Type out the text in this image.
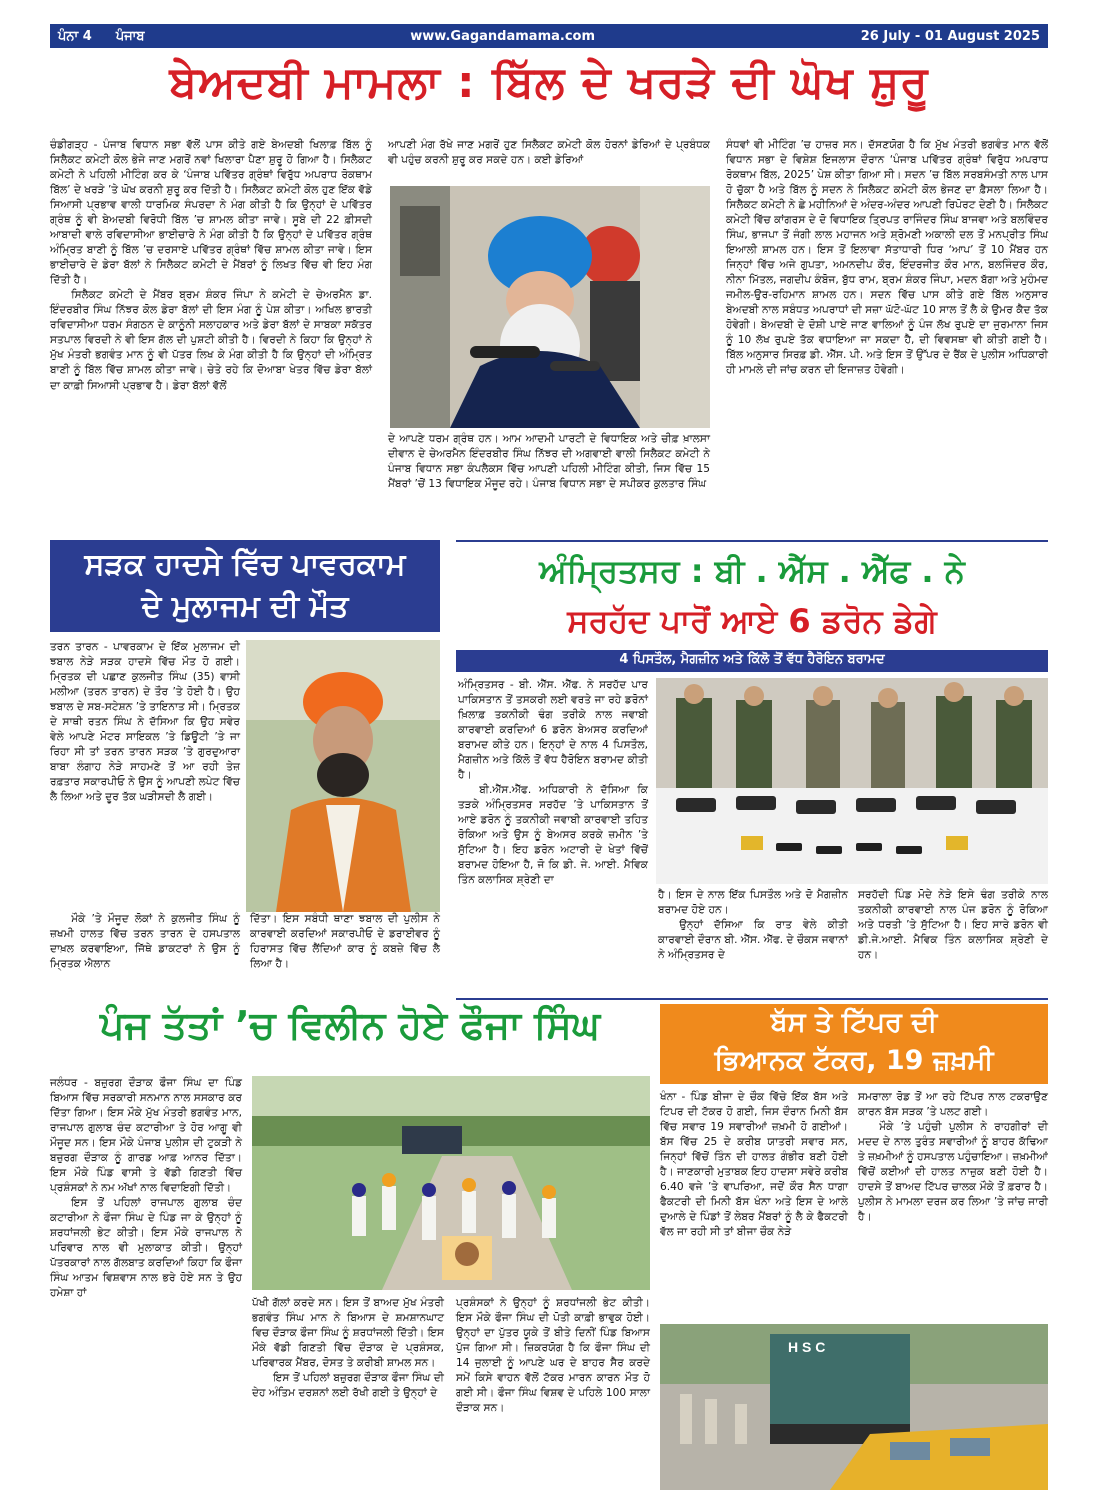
ਪੰਨਾ 4 ਪੰਜਾਬ	www.Gagandamama.com	26 July - 01 August 2025
ਬੇਅਦਬੀ ਮਾਮਲਾ : ਬਿੱਲ ਦੇ ਖਰੜੇ ਦੀ ਘੋਖ ਸ਼ੁਰੂ

ਚੰਡੀਗੜ੍ਹ - ਪੰਜਾਬ ਵਿਧਾਨ ਸਭਾ ਵੱਲੋਂ ਪਾਸ ਕੀਤੇ ਗਏ ਬੇਅਦਬੀ ਖਿਲਾਫ਼ ਬਿੱਲ ਨੂੰ ਸਿਲੈਕਟ ਕਮੇਟੀ ਕੋਲ ਭੇਜੇ ਜਾਣ ਮਗਰੋਂ ਨਵਾਂ ਖਿਲਾਰਾ ਪੈਣਾ ਸ਼ੁਰੂ ਹੋ ਗਿਆ ਹੈ। ਸਿਲੈਕਟ ਕਮੇਟੀ ਨੇ ਪਹਿਲੀ ਮੀਟਿੰਗ ਕਰ ਕੇ ‘ਪੰਜਾਬ ਪਵਿੱਤਰ ਗ੍ਰੰਥਾਂ ਵਿਰੁੱਧ ਅਪਰਾਧ ਰੋਕਥਾਮ ਬਿੱਲ’ ਦੇ ਖਰੜੇ ’ਤੇ ਘੋਖ ਕਰਨੀ ਸ਼ੁਰੂ ਕਰ ਦਿੱਤੀ ਹੈ। ਸਿਲੈਕਟ ਕਮੇਟੀ ਕੋਲ ਹੁਣ ਇੱਕ ਵੱਡੇ ਸਿਆਸੀ ਪ੍ਰਭਾਵ ਵਾਲੀ ਧਾਰਮਿਕ ਸੰਪਰਦਾ ਨੇ ਮੰਗ ਕੀਤੀ ਹੈ ਕਿ ਉਨ੍ਹਾਂ ਦੇ ਪਵਿੱਤਰ ਗ੍ਰੰਥ ਨੂੰ ਵੀ ਬੇਅਦਬੀ ਵਿਰੋਧੀ ਬਿੱਲ ’ਚ ਸ਼ਾਮਲ ਕੀਤਾ ਜਾਵੇ। ਸੂਬੇ ਦੀ 22 ਫ਼ੀਸਦੀ ਆਬਾਦੀ ਵਾਲੇ ਰਵਿਦਾਸੀਆ ਭਾਈਚਾਰੇ ਨੇ ਮੰਗ ਕੀਤੀ ਹੈ ਕਿ ਉਨ੍ਹਾਂ ਦੇ ਪਵਿੱਤਰ ਗ੍ਰੰਥ ਅੰਮ੍ਰਿਤ ਬਾਣੀ ਨੂੰ ਬਿੱਲ ’ਚ ਦਰਸਾਏ ਪਵਿੱਤਰ ਗ੍ਰੰਥਾਂ ਵਿੱਚ ਸ਼ਾਮਲ ਕੀਤਾ ਜਾਵੇ। ਇਸ ਭਾਈਚਾਰੇ ਦੇ ਡੇਰਾ ਬੱਲਾਂ ਨੇ ਸਿਲੈਕਟ ਕਮੇਟੀ ਦੇ ਮੈਂਬਰਾਂ ਨੂੰ ਲਿਖਤ ਵਿੱਚ ਵੀ ਇਹ ਮੰਗ ਦਿੱਤੀ ਹੈ।

ਸਿਲੈਕਟ ਕਮੇਟੀ ਦੇ ਮੈਂਬਰ ਬ੍ਰਮ ਸ਼ੰਕਰ ਜਿੰਪਾ ਨੇ ਕਮੇਟੀ ਦੇ ਚੇਅਰਮੈਨ ਡਾ. ਇੰਦਰਬੀਰ ਸਿੰਘ ਨਿੱਝਰ ਕੋਲ ਡੇਰਾ ਬੱਲਾਂ ਦੀ ਇਸ ਮੰਗ ਨੂੰ ਪੇਸ਼ ਕੀਤਾ। ਅਖਿਲ ਭਾਰਤੀ ਰਵਿਦਾਸੀਆ ਧਰਮ ਸੰਗਠਨ ਦੇ ਕਾਨੂੰਨੀ ਸਲਾਹਕਾਰ ਅਤੇ ਡੇਰਾ ਬੱਲਾਂ ਦੇ ਸਾਬਕਾ ਸਕੱਤਰ ਸਤਪਾਲ ਵਿਰਦੀ ਨੇ ਵੀ ਇਸ ਗੱਲ ਦੀ ਪੁਸ਼ਟੀ ਕੀਤੀ ਹੈ। ਵਿਰਦੀ ਨੇ ਕਿਹਾ ਕਿ ਉਨ੍ਹਾਂ ਨੇ ਮੁੱਖ ਮੰਤਰੀ ਭਗਵੰਤ ਮਾਨ ਨੂੰ ਵੀ ਪੱਤਰ ਲਿਖ ਕੇ ਮੰਗ ਕੀਤੀ ਹੈ ਕਿ ਉਨ੍ਹਾਂ ਦੀ ਅੰਮ੍ਰਿਤ ਬਾਣੀ ਨੂੰ ਬਿੱਲ ਵਿੱਚ ਸ਼ਾਮਲ ਕੀਤਾ ਜਾਵੇ। ਚੇਤੇ ਰਹੇ ਕਿ ਦੋਆਬਾ ਖੇਤਰ ਵਿੱਚ ਡੇਰਾ ਬੱਲਾਂ ਦਾ ਕਾਫ਼ੀ ਸਿਆਸੀ ਪ੍ਰਭਾਵ ਹੈ। ਡੇਰਾ ਬੱਲਾਂ ਵੱਲੋਂ

ਆਪਣੀ ਮੰਗ ਰੱਖੇ ਜਾਣ ਮਗਰੋਂ ਹੁਣ ਸਿਲੈਕਟ ਕਮੇਟੀ ਕੋਲ ਹੋਰਨਾਂ ਡੇਰਿਆਂ ਦੇ ਪ੍ਰਬੰਧਕ ਵੀ ਪਹੁੰਚ ਕਰਨੀ ਸ਼ੁਰੂ ਕਰ ਸਕਦੇ ਹਨ। ਕਈ ਡੇਰਿਆਂ
ਦੇ ਆਪਣੇ ਧਰਮ ਗ੍ਰੰਥ ਹਨ। ਆਮ ਆਦਮੀ ਪਾਰਟੀ ਦੇ ਵਿਧਾਇਕ ਅਤੇ ਚੀਫ਼ ਖ਼ਾਲਸਾ ਦੀਵਾਨ ਦੇ ਚੇਅਰਮੈਨ ਇੰਦਰਬੀਰ ਸਿੰਘ ਨਿੱਝਰ ਦੀ ਅਗਵਾਈ ਵਾਲੀ ਸਿਲੈਕਟ ਕਮੇਟੀ ਨੇ ਪੰਜਾਬ ਵਿਧਾਨ ਸਭਾ ਕੰਪਲੈਕਸ ਵਿੱਚ ਆਪਣੀ ਪਹਿਲੀ ਮੀਟਿੰਗ ਕੀਤੀ, ਜਿਸ ਵਿੱਚ 15 ਮੈਂਬਰਾਂ ’ਚੋਂ 13 ਵਿਧਾਇਕ ਮੌਜੂਦ ਰਹੇ। ਪੰਜਾਬ ਵਿਧਾਨ ਸਭਾ ਦੇ ਸਪੀਕਰ ਕੁਲਤਾਰ ਸਿੰਘ
ਸੰਧਵਾਂ ਵੀ ਮੀਟਿੰਗ ’ਚ ਹਾਜ਼ਰ ਸਨ। ਦੱਸਣਯੋਗ ਹੈ ਕਿ ਮੁੱਖ ਮੰਤਰੀ ਭਗਵੰਤ ਮਾਨ ਵੱਲੋਂ ਵਿਧਾਨ ਸਭਾ ਦੇ ਵਿਸ਼ੇਸ਼ ਇਜਲਾਸ ਦੌਰਾਨ ‘ਪੰਜਾਬ ਪਵਿੱਤਰ ਗ੍ਰੰਥਾਂ ਵਿਰੁੱਧ ਅਪਰਾਧ ਰੋਕਥਾਮ ਬਿੱਲ, 2025’ ਪੇਸ਼ ਕੀਤਾ ਗਿਆ ਸੀ। ਸਦਨ ’ਚ ਬਿੱਲ ਸਰਬਸੰਮਤੀ ਨਾਲ ਪਾਸ ਹੋ ਚੁੱਕਾ ਹੈ ਅਤੇ ਬਿੱਲ ਨੂੰ ਸਦਨ ਨੇ ਸਿਲੈਕਟ ਕਮੇਟੀ ਕੋਲ ਭੇਜਣ ਦਾ ਫ਼ੈਸਲਾ ਲਿਆ ਹੈ। ਸਿਲੈਕਟ ਕਮੇਟੀ ਨੇ ਛੇ ਮਹੀਨਿਆਂ ਦੇ ਅੰਦਰ-ਅੰਦਰ ਆਪਣੀ ਰਿਪੋਰਟ ਦੇਣੀ ਹੈ। ਸਿਲੈਕਟ ਕਮੇਟੀ ਵਿੱਚ ਕਾਂਗਰਸ ਦੇ ਦੋ ਵਿਧਾਇਕ ਤ੍ਰਿਪਤ ਰਾਜਿੰਦਰ ਸਿੰਘ ਬਾਜਵਾ ਅਤੇ ਬਲਵਿੰਦਰ ਸਿੰਘ, ਭਾਜਪਾ ਤੋਂ ਜੰਗੀ ਲਾਲ ਮਹਾਜਨ ਅਤੇ ਸ਼੍ਰੋਮਣੀ ਅਕਾਲੀ ਦਲ ਤੋਂ ਮਨਪ੍ਰੀਤ ਸਿੰਘ ਇਆਲੀ ਸ਼ਾਮਲ ਹਨ। ਇਸ ਤੋਂ ਇਲਾਵਾ ਸੱਤਾਧਾਰੀ ਧਿਰ ‘ਆਪ’ ਤੋਂ 10 ਮੈਂਬਰ ਹਨ ਜਿਨ੍ਹਾਂ ਵਿੱਚ ਅਜੇ ਗੁਪਤਾ, ਅਮਨਦੀਪ ਕੌਰ, ਇੰਦਰਜੀਤ ਕੌਰ ਮਾਨ, ਬਲਜਿੰਦਰ ਕੌਰ, ਨੀਨਾ ਮਿੱਤਲ, ਜਗਦੀਪ ਕੰਬੋਜ, ਬੁੱਧ ਰਾਮ, ਬ੍ਰਮ ਸ਼ੰਕਰ ਜਿੰਪਾ, ਮਦਨ ਬੱਗਾ ਅਤੇ ਮੁਹੰਮਦ ਜਮੀਲ-ਉਰ-ਰਹਿਮਾਨ ਸ਼ਾਮਲ ਹਨ। ਸਦਨ ਵਿੱਚ ਪਾਸ ਕੀਤੇ ਗਏ ਬਿੱਲ ਅਨੁਸਾਰ ਬੇਅਦਬੀ ਨਾਲ ਸਬੰਧਤ ਅਪਰਾਧਾਂ ਦੀ ਸਜ਼ਾ ਘੱਟੋ-ਘੱਟ 10 ਸਾਲ ਤੋਂ ਲੈ ਕੇ ਉਮਰ ਕੈਦ ਤੱਕ ਹੋਵੇਗੀ। ਬੇਅਦਬੀ ਦੇ ਦੋਸ਼ੀ ਪਾਏ ਜਾਣ ਵਾਲਿਆਂ ਨੂੰ ਪੰਜ ਲੱਖ ਰੁਪਏ ਦਾ ਜੁਰਮਾਨਾ ਜਿਸ ਨੂੰ 10 ਲੱਖ ਰੁਪਏ ਤੱਕ ਵਧਾਇਆ ਜਾ ਸਕਦਾ ਹੈ, ਦੀ ਵਿਵਸਥਾ ਵੀ ਕੀਤੀ ਗਈ ਹੈ। ਬਿੱਲ ਅਨੁਸਾਰ ਸਿਰਫ਼ ਡੀ. ਐੱਸ. ਪੀ. ਅਤੇ ਇਸ ਤੋਂ ਉੱਪਰ ਦੇ ਰੈਂਕ ਦੇ ਪੁਲੀਸ ਅਧਿਕਾਰੀ ਹੀ ਮਾਮਲੇ ਦੀ ਜਾਂਚ ਕਰਨ ਦੀ ਇਜਾਜ਼ਤ ਹੋਵੇਗੀ।
ਸੜਕ ਹਾਦਸੇ ਵਿੱਚ ਪਾਵਰਕਾਮ
ਦੇ ਮੁਲਾਜਮ ਦੀ ਮੌਤ

ਤਰਨ ਤਾਰਨ - ਪਾਵਰਕਾਮ ਦੇ ਇੱਕ ਮੁਲਾਜਮ ਦੀ ਝਬਾਲ ਨੇੜੇ ਸੜਕ ਹਾਦਸੇ ਵਿੱਚ ਮੌਤ ਹੋ ਗਈ। ਮ੍ਰਿਤਕ ਦੀ ਪਛਾਣ ਕੁਲਜੀਤ ਸਿੰਘ (35) ਵਾਸੀ ਮਲੀਆ (ਤਰਨ ਤਾਰਨ) ਦੇ ਤੌਰ ’ਤੇ ਹੋਈ ਹੈ। ਉਹ ਝਬਾਲ ਦੇ ਸਬ-ਸਟੇਸ਼ਨ ’ਤੇ ਤਾਇਨਾਤ ਸੀ। ਮ੍ਰਿਤਕ ਦੇ ਸਾਥੀ ਰਤਨ ਸਿੰਘ ਨੇ ਦੱਸਿਆ ਕਿ ਉਹ ਸਵੇਰ ਵੇਲੇ ਆਪਣੇ ਮੋਟਰ ਸਾਇਕਲ ’ਤੇ ਡਿਊਟੀ ’ਤੇ ਜਾ ਰਿਹਾ ਸੀ ਤਾਂ ਤਰਨ ਤਾਰਨ ਸੜਕ ’ਤੇ ਗੁਰਦੁਆਰਾ ਬਾਬਾ ਲੰਗਾਹ ਨੇੜੇ ਸਾਹਮਣੇ ਤੋਂ ਆ ਰਹੀ ਤੇਜ਼ ਰਫ਼ਤਾਰ ਸਕਾਰਪੀਓ ਨੇ ਉਸ ਨੂੰ ਆਪਣੀ ਲਪੇਟ ਵਿੱਚ ਲੈ ਲਿਆ ਅਤੇ ਦੂਰ ਤੱਕ ਘੜੀਸਦੀ ਲੈ ਗਈ।

ਮੌਕੇ ’ਤੇ ਮੌਜੂਦ ਲੋਕਾਂ ਨੇ ਕੁਲਜੀਤ ਸਿੰਘ ਨੂੰ ਜ਼ਖਮੀ ਹਾਲਤ ਵਿੱਚ ਤਰਨ ਤਾਰਨ ਦੇ ਹਸਪਤਾਲ ਦਾਖ਼ਲ ਕਰਵਾਇਆ, ਜਿੱਥੇ ਡਾਕਟਰਾਂ ਨੇ ਉਸ ਨੂੰ ਮ੍ਰਿਤਕ ਐਲਾਨ

ਦਿੱਤਾ। ਇਸ ਸਬੰਧੀ ਥਾਣਾ ਝਬਾਲ ਦੀ ਪੁਲੀਸ ਨੇ ਕਾਰਵਾਈ ਕਰਦਿਆਂ ਸਕਾਰਪੀਓ ਦੇ ਡਰਾਈਵਰ ਨੂੰ ਹਿਰਾਸਤ ਵਿੱਚ ਲੈਂਦਿਆਂ ਕਾਰ ਨੂੰ ਕਬਜ਼ੇ ਵਿੱਚ ਲੈ ਲਿਆ ਹੈ।
ਅੰਮ੍ਰਿਤਸਰ : ਬੀ . ਐੱਸ . ਐੱਫ . ਨੇ
ਸਰਹੱਦ ਪਾਰੋਂ ਆਏ 6 ਡਰੋਨ ਡੇਗੇ
4 ਪਿਸਤੌਲ, ਮੈਗਜ਼ੀਨ ਅਤੇ ਕਿੱਲੋ ਤੋਂ ਵੱਧ ਹੈਰੋਇਨ ਬਰਾਮਦ

ਅੰਮ੍ਰਿਤਸਰ - ਬੀ. ਐੱਸ. ਐੱਫ. ਨੇ ਸਰਹੱਦ ਪਾਰ ਪਾਕਿਸਤਾਨ ਤੋਂ ਤਸਕਰੀ ਲਈ ਵਰਤੇ ਜਾ ਰਹੇ ਡਰੋਨਾਂ ਖ਼ਿਲਾਫ਼ ਤਕਨੀਕੀ ਢੰਗ ਤਰੀਕੇ ਨਾਲ ਜਵਾਬੀ ਕਾਰਵਾਈ ਕਰਦਿਆਂ 6 ਡਰੋਨ ਬੇਅਸਰ ਕਰਦਿਆਂ ਬਰਾਮਦ ਕੀਤੇ ਹਨ। ਇਨ੍ਹਾਂ ਦੇ ਨਾਲ 4 ਪਿਸਤੌਲ, ਮੈਗਜ਼ੀਨ ਅਤੇ ਕਿੱਲੋ ਤੋਂ ਵੱਧ ਹੈਰੋਇਨ ਬਰਾਮਦ ਕੀਤੀ ਹੈ।

ਬੀ.ਐੱਸ.ਐੱਫ. ਅਧਿਕਾਰੀ ਨੇ ਦੱਸਿਆ ਕਿ ਤੜਕੇ ਅੰਮ੍ਰਿਤਸਰ ਸਰਹੱਦ ’ਤੇ ਪਾਕਿਸਤਾਨ ਤੋਂ ਆਏ ਡਰੋਨ ਨੂੰ ਤਕਨੀਕੀ ਜਵਾਬੀ ਕਾਰਵਾਈ ਤਹਿਤ ਰੋਕਿਆ ਅਤੇ ਉਸ ਨੂੰ ਬੇਅਸਰ ਕਰਕੇ ਜ਼ਮੀਨ ’ਤੇ ਸੁੱਟਿਆ ਹੈ। ਇਹ ਡਰੋਨ ਅਟਾਰੀ ਦੇ ਖੇਤਾਂ ਵਿੱਚੋਂ ਬਰਾਮਦ ਹੋਇਆ ਹੈ, ਜੋ ਕਿ ਡੀ. ਜੇ. ਆਈ. ਮੈਵਿਕ ਤਿੰਨ ਕਲਾਸਿਕ ਸ਼੍ਰੇਣੀ ਦਾ

ਹੈ। ਇਸ ਦੇ ਨਾਲ ਇੱਕ ਪਿਸਤੌਲ ਅਤੇ ਦੋ ਮੈਗਜ਼ੀਨ ਬਰਾਮਦ ਹੋਏ ਹਨ।

ਉਨ੍ਹਾਂ ਦੱਸਿਆ ਕਿ ਰਾਤ ਵੇਲੇ ਕੀਤੀ ਕਾਰਵਾਈ ਦੌਰਾਨ ਬੀ. ਐੱਸ. ਐੱਫ. ਦੇ ਚੌਕਸ ਜਵਾਨਾਂ ਨੇ ਅੰਮ੍ਰਿਤਸਰ ਦੇ

ਸਰਹੱਦੀ ਪਿੰਡ ਮੋਦੇ ਨੇੜੇ ਇਸੇ ਢੰਗ ਤਰੀਕੇ ਨਾਲ ਤਕਨੀਕੀ ਕਾਰਵਾਈ ਨਾਲ ਪੰਜ ਡਰੋਨ ਨੂੰ ਰੋਕਿਆ ਅਤੇ ਧਰਤੀ ’ਤੇ ਸੁੱਟਿਆ ਹੈ। ਇਹ ਸਾਰੇ ਡਰੋਨ ਵੀ ਡੀ.ਜੇ.ਆਈ. ਮੈਵਿਕ ਤਿੰਨ ਕਲਾਸਿਕ ਸ਼੍ਰੇਣੀ ਦੇ ਹਨ।
ਪੰਜ ਤੱਤਾਂ ’ਚ ਵਿਲੀਨ ਹੋਏ ਫੌਜਾ ਸਿੰਘ

ਜਲੰਧਰ - ਬਜ਼ੁਰਗ ਦੌੜਾਕ ਫੌਜਾ ਸਿੰਘ ਦਾ ਪਿੰਡ ਬਿਆਸ ਵਿੱਚ ਸਰਕਾਰੀ ਸਨਮਾਨ ਨਾਲ ਸਸਕਾਰ ਕਰ ਦਿੱਤਾ ਗਿਆ। ਇਸ ਮੌਕੇ ਮੁੱਖ ਮੰਤਰੀ ਭਗਵੰਤ ਮਾਨ, ਰਾਜਪਾਲ ਗੁਲਾਬ ਚੰਦ ਕਟਾਰੀਆ ਤੇ ਹੋਰ ਆਗੂ ਵੀ ਮੌਜੂਦ ਸਨ। ਇਸ ਮੌਕੇ ਪੰਜਾਬ ਪੁਲੀਸ ਦੀ ਟੁਕੜੀ ਨੇ ਬਜ਼ੁਰਗ ਦੌੜਾਕ ਨੂੰ ਗਾਰਡ ਆਫ਼ ਆਨਰ ਦਿੱਤਾ। ਇਸ ਮੌਕੇ ਪਿੰਡ ਵਾਸੀ ਤੇ ਵੱਡੀ ਗਿਣਤੀ ਵਿੱਚ ਪ੍ਰਸ਼ੰਸਕਾਂ ਨੇ ਨਮ ਅੱਖਾਂ ਨਾਲ ਵਿਦਾਇਗੀ ਦਿੱਤੀ।

ਇਸ ਤੋਂ ਪਹਿਲਾਂ ਰਾਜਪਾਲ ਗੁਲਾਬ ਚੰਦ ਕਟਾਰੀਆ ਨੇ ਫੌਜਾ ਸਿੰਘ ਦੇ ਪਿੰਡ ਜਾ ਕੇ ਉਨ੍ਹਾਂ ਨੂੰ ਸ਼ਰਧਾਂਜਲੀ ਭੇਟ ਕੀਤੀ। ਇਸ ਮੌਕੇ ਰਾਜਪਾਲ ਨੇ ਪਰਿਵਾਰ ਨਾਲ ਵੀ ਮੁਲਾਕਾਤ ਕੀਤੀ। ਉਨ੍ਹਾਂ ਪੱਤਰਕਾਰਾਂ ਨਾਲ ਗੱਲਬਾਤ ਕਰਦਿਆਂ ਕਿਹਾ ਕਿ ਫੌਜਾ ਸਿੰਘ ਆਤਮ ਵਿਸ਼ਵਾਸ ਨਾਲ ਭਰੇ ਹੋਏ ਸਨ ਤੇ ਉਹ ਹਮੇਸ਼ਾ ਹਾਂ

ਪੱਖੀ ਗੱਲਾਂ ਕਰਦੇ ਸਨ। ਇਸ ਤੋਂ ਬਾਅਦ ਮੁੱਖ ਮੰਤਰੀ ਭਗਵੰਤ ਸਿੰਘ ਮਾਨ ਨੇ ਬਿਆਸ ਦੇ ਸ਼ਮਸ਼ਾਨਘਾਟ ਵਿਚ ਦੌੜਾਕ ਫੌਜਾ ਸਿੰਘ ਨੂੰ ਸ਼ਰਧਾਂਜਲੀ ਦਿੱਤੀ। ਇਸ ਮੌਕੇ ਵੱਡੀ ਗਿਣਤੀ ਵਿੱਚ ਦੌੜਾਕ ਦੇ ਪ੍ਰਸ਼ੰਸਕ, ਪਰਿਵਾਰਕ ਮੈਂਬਰ, ਦੋਸਤ ਤੇ ਕਰੀਬੀ ਸ਼ਾਮਲ ਸਨ।

ਇਸ ਤੋਂ ਪਹਿਲਾਂ ਬਜ਼ੁਰਗ ਦੌੜਾਕ ਫੌਜਾ ਸਿੰਘ ਦੀ ਦੇਹ ਅੰਤਿਮ ਦਰਸ਼ਨਾਂ ਲਈ ਰੱਖੀ ਗਈ ਤੇ ਉਨ੍ਹਾਂ ਦੇ

ਪ੍ਰਸ਼ੰਸਕਾਂ ਨੇ ਉਨ੍ਹਾਂ ਨੂੰ ਸ਼ਰਧਾਂਜਲੀ ਭੇਟ ਕੀਤੀ। ਇਸ ਮੌਕੇ ਫੌਜਾ ਸਿੰਘ ਦੀ ਪੋਤੀ ਕਾਫ਼ੀ ਭਾਵੁਕ ਹੋਈ। ਉਨ੍ਹਾਂ ਦਾ ਪੁੱਤਰ ਯੂਕੇ ਤੋਂ ਬੀਤੇ ਦਿਨੀਂ ਪਿੰਡ ਬਿਆਸ ਪੁੱਜ ਗਿਆ ਸੀ। ਜ਼ਿਕਰਯੋਗ ਹੈ ਕਿ ਫੌਜਾ ਸਿੰਘ ਦੀ 14 ਜੁਲਾਈ ਨੂੰ ਆਪਣੇ ਘਰ ਦੇ ਬਾਹਰ ਸੈਰ ਕਰਦੇ ਸਮੇਂ ਕਿਸੇ ਵਾਹਨ ਵੱਲੋਂ ਟੱਕਰ ਮਾਰਨ ਕਾਰਨ ਮੌਤ ਹੋ ਗਈ ਸੀ। ਫੌਜਾ ਸਿੰਘ ਵਿਸ਼ਵ ਦੇ ਪਹਿਲੇ 100 ਸਾਲਾ ਦੌੜਾਕ ਸਨ।
ਬੱਸ ਤੇ ਟਿੱਪਰ ਦੀ
ਭਿਆਨਕ ਟੱਕਰ, 19 ਜ਼ਖ਼ਮੀ
ਖੰਨਾ - ਪਿੰਡ ਬੀਜਾ ਦੇ ਚੌਕ ਵਿੱਚੇ ਇੱਕ ਬੱਸ ਅਤੇ ਟਿਪਰ ਦੀ ਟੱਕਰ ਹੋ ਗਈ, ਜਿਸ ਦੌਰਾਨ ਮਿਨੀ ਬੱਸ ਵਿੱਚ ਸਵਾਰ 19 ਸਵਾਰੀਆਂ ਜ਼ਖ਼ਮੀ ਹੋ ਗਈਆਂ। ਬੱਸ ਵਿੱਚ 25 ਦੇ ਕਰੀਬ ਯਾਤਰੀ ਸਵਾਰ ਸਨ, ਜਿਨ੍ਹਾਂ ਵਿੱਚੋਂ ਤਿੰਨ ਦੀ ਹਾਲਤ ਗੰਭੀਰ ਬਣੀ ਹੋਈ ਹੈ। ਜਾਣਕਾਰੀ ਮੁਤਾਬਕ ਇਹ ਹਾਦਸਾ ਸਵੇਰੇ ਕਰੀਬ 6.40 ਵਜੇ ’ਤੇ ਵਾਪਰਿਆ, ਜਦੋਂ ਕੌਰ ਸੈਨ ਧਾਗਾ ਫੈਕਟਰੀ ਦੀ ਮਿਨੀ ਬੱਸ ਖੰਨਾ ਅਤੇ ਇਸ ਦੇ ਆਲੇ ਦੁਆਲੇ ਦੇ ਪਿੰਡਾਂ ਤੋਂ ਲੇਬਰ ਮੈਂਬਰਾਂ ਨੂੰ ਲੈ ਕੇ ਫੈਕਟਰੀ ਵੱਲ ਜਾ ਰਹੀ ਸੀ ਤਾਂ ਬੀਜਾ ਚੌਕ ਨੇੜੇ

ਸਮਰਾਲਾ ਰੋਡ ਤੋਂ ਆ ਰਹੇ ਟਿੱਪਰ ਨਾਲ ਟਕਰਾਉਣ ਕਾਰਨ ਬੱਸ ਸੜਕ ’ਤੇ ਪਲਟ ਗਈ।

ਮੌਕੇ ’ਤੇ ਪਹੁੰਚੀ ਪੁਲੀਸ ਨੇ ਰਾਹਗੀਰਾਂ ਦੀ ਮਦਦ ਦੇ ਨਾਲ ਤੁਰੰਤ ਸਵਾਰੀਆਂ ਨੂੰ ਬਾਹਰ ਕੱਢਿਆ ਤੇ ਜ਼ਖ਼ਮੀਆਂ ਨੂੰ ਹਸਪਤਾਲ ਪਹੁੰਚਾਇਆ। ਜ਼ਖ਼ਮੀਆਂ ਵਿੱਚੋਂ ਕਈਆਂ ਦੀ ਹਾਲਤ ਨਾਜ਼ੁਕ ਬਣੀ ਹੋਈ ਹੈ। ਹਾਦਸੇ ਤੋਂ ਬਾਅਦ ਟਿੱਪਰ ਚਾਲਕ ਮੌਕੇ ਤੋਂ ਫ਼ਰਾਰ ਹੈ। ਪੁਲੀਸ ਨੇ ਮਾਮਲਾ ਦਰਜ ਕਰ ਲਿਆ ’ਤੇ ਜਾਂਚ ਜਾਰੀ ਹੈ।

H S C
